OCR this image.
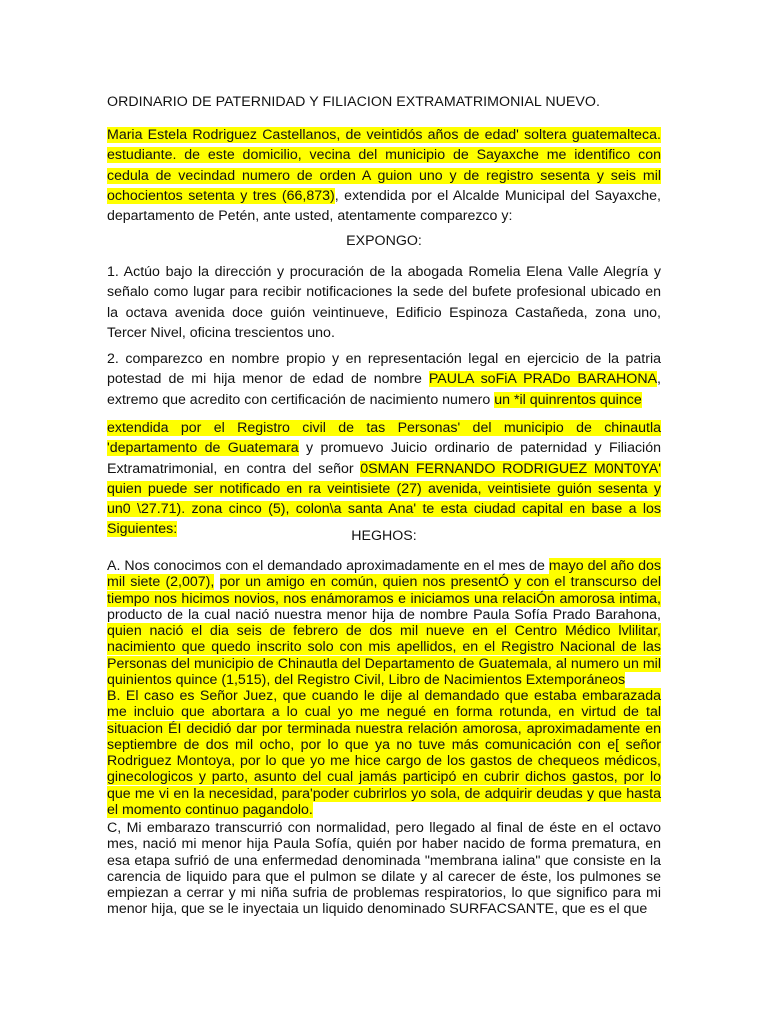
ORDINARIO DE PATERNIDAD Y FILIACION EXTRAMATRIMONIAL NUEVO.
Maria Estela Rodriguez Castellanos, de veintidós años de edad' soltera guatemalteca. estudiante. de este domicilio, vecina del municipio de Sayaxche me identifico con cedula de vecindad numero de orden A guion uno y de registro sesenta y seis mil ochocientos setenta y tres (66,873), extendida por el Alcalde Municipal del Sayaxche, departamento de Petén, ante usted, atentamente comparezco y:
EXPONGO:
1. Actúo bajo la dirección y procuración de la abogada Romelia Elena Valle Alegría y señalo como lugar para recibir notificaciones la sede del bufete profesional ubicado en la octava avenida doce guión veintinueve, Edificio Espinoza Castañeda, zona uno, Tercer Nivel, oficina trescientos uno.
2. comparezco en nombre propio y en representación legal en ejercicio de la patria potestad de mi hija menor de edad de nombre PAULA soFiA PRADo BARAHONA, extremo que acredito con certificación de nacimiento numero un *il quinrentos quince
extendida por el Registro civil de tas Personas' del municipio de chinautla 'departamento de Guatemara y promuevo Juicio ordinario de paternidad y Filiación Extramatrimonial, en contra del señor 0SMAN FERNANDO RODRIGUEZ M0NT0YA' quien puede ser notificado en ra veintisiete (27) avenida, veintisiete guión sesenta y un0 \27.71). zona cinco (5), colon\a santa Ana' te esta ciudad capital en base a los Siguientes:	HEGHOS:
A. Nos conocimos con el demandado aproximadamente en el mes de mayo del año dos mil siete (2,007), por un amigo en común, quien nos presentÓ y con el transcurso del tiempo nos hicimos novios, nos enámoramos e iniciamos una relaciÓn amorosa intima, producto de la cual nació nuestra menor hija de nombre Paula Sofía Prado Barahona, quien nació el dia seis de febrero de dos mil nueve en el Centro Médico lvlilitar, nacimiento que quedo inscrito solo con mis apellidos, en el Registro Nacional de las Personas del municipio de Chinautla del Departamento de Guatemala, al numero un mil quinientos quince (1,515), del Registro Civil, Libro de Nacimientos Extemporáneos
B. El caso es Señor Juez, que cuando le dije al demandado que estaba embarazada me incluio que abortara a lo cual yo me negué en forma rotunda, en virtud de tal situacion ÉI decidió dar por terminada nuestra relación amorosa, aproximadamente en septiembre de dos mil ocho, por lo que ya no tuve más comunicación con e[ señor Rodriguez Montoya, por lo que yo me hice cargo de los gastos de chequeos médicos, ginecologicos y parto, asunto del cual jamás participó en cubrir dichos gastos, por lo que me vi en la necesidad, para'poder cubrirlos yo sola, de adquirir deudas y que hasta el momento continuo pagandolo.
C, Mi embarazo transcurrió con normalidad, pero llegado al final de éste en el octavo mes, nació mi menor hija Paula Sofía, quién por haber nacido de forma prematura, en esa etapa sufrió de una enfermedad denominada "membrana ialina" que consiste en la carencia de liquido para que el pulmon se dilate y al carecer de éste, los pulmones se empiezan a cerrar y mi niña sufria de problemas respiratorios, lo que significo para mi menor hija, que se le inyectaia un liquido denominado SURFACSANTE, que es el que
